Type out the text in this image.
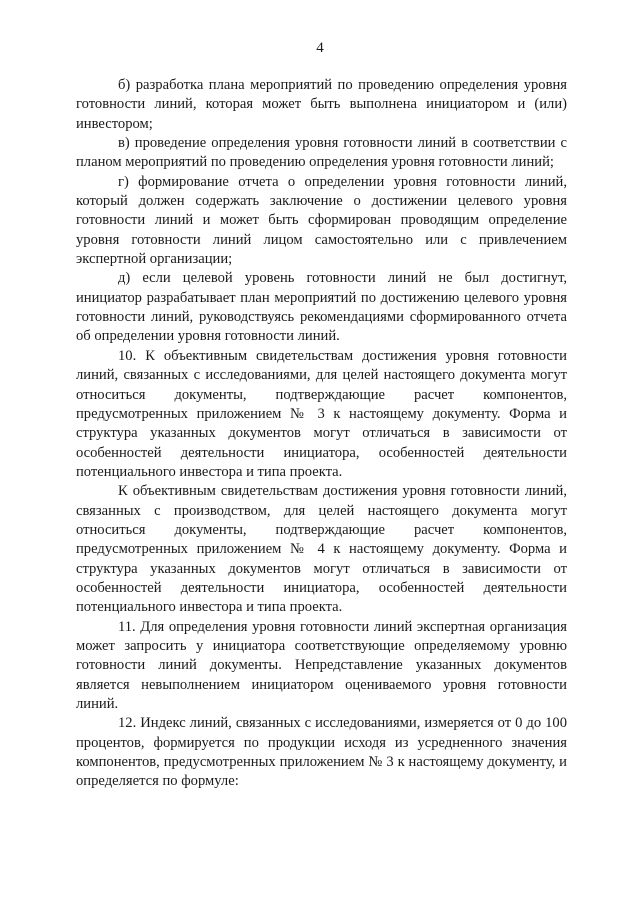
4

б) разработка плана мероприятий по проведению определения уровня готовности линий, которая может быть выполнена инициатором и (или) инвестором;

в) проведение определения уровня готовности линий в соответствии с планом мероприятий по проведению определения уровня готовности линий;

г) формирование отчета о определении уровня готовности линий, который должен содержать заключение о достижении целевого уровня готовности линий и может быть сформирован проводящим определение уровня готовности линий лицом самостоятельно или с привлечением экспертной организации;

д) если целевой уровень готовности линий не был достигнут, инициатор разрабатывает план мероприятий по достижению целевого уровня готовности линий, руководствуясь рекомендациями сформированного отчета об определении уровня готовности линий.

10. К объективным свидетельствам достижения уровня готовности линий, связанных с исследованиями, для целей настоящего документа могут относиться документы, подтверждающие расчет компонентов, предусмотренных приложением № 3 к настоящему документу. Форма и структура указанных документов могут отличаться в зависимости от особенностей деятельности инициатора, особенностей деятельности потенциального инвестора и типа проекта.

К объективным свидетельствам достижения уровня готовности линий, связанных с производством, для целей настоящего документа могут относиться документы, подтверждающие расчет компонентов, предусмотренных приложением № 4 к настоящему документу. Форма и структура указанных документов могут отличаться в зависимости от особенностей деятельности инициатора, особенностей деятельности потенциального инвестора и типа проекта.

11. Для определения уровня готовности линий экспертная организация может запросить у инициатора соответствующие определяемому уровню готовности линий документы. Непредставление указанных документов является невыполнением инициатором оцениваемого уровня готовности линий.

12. Индекс линий, связанных с исследованиями, измеряется от 0 до 100 процентов, формируется по продукции исходя из усредненного значения компонентов, предусмотренных приложением № 3 к настоящему документу, и определяется по формуле:
